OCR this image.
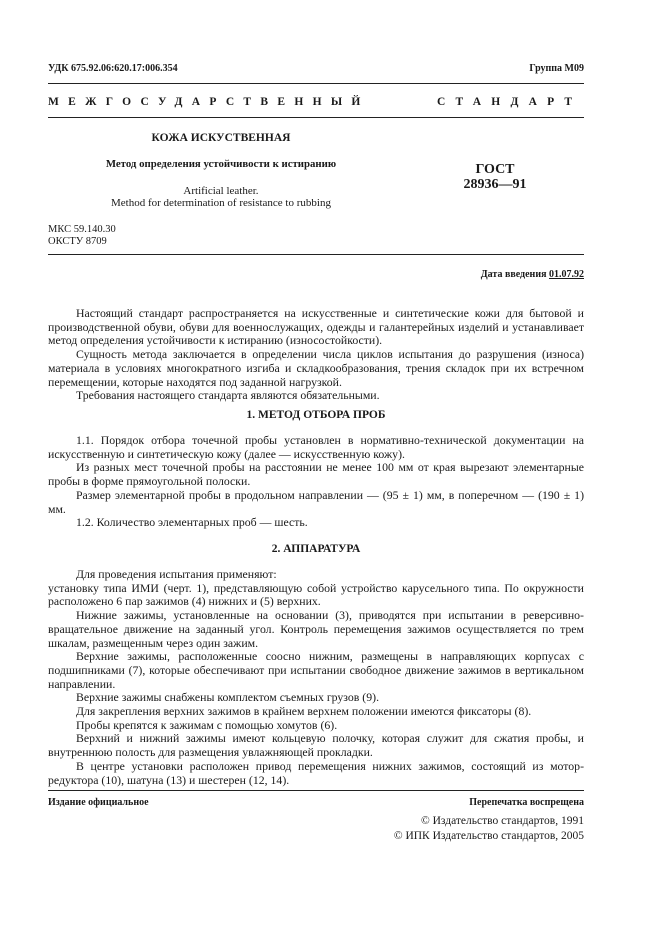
УДК 675.92.06:620.17:006.354	Группа М09
МЕЖГОСУДАРСТВЕННЫЙ	СТАНДАРТ
КОЖА ИСКУСТВЕННАЯ
Метод определения устойчивости к истиранию
Artificial leather.
Method for determination of resistance to rubbing
ГОСТ
28936—91
МКС 59.140.30
ОКСТУ 8709
Дата введения 01.07.92

Настоящий стандарт распространяется на искусственные и синтетические кожи для бытовой и производственной обуви, обуви для военнослужащих, одежды и галантерейных изделий и устанавливает метод определения устойчивости к истиранию (износостойкости).

Сущность метода заключается в определении числа циклов испытания до разрушения (износа) материала в условиях многократного изгиба и складкообразования, трения складок при их встречном перемещении, которые находятся под заданной нагрузкой.

Требования настоящего стандарта являются обязательными.

1. МЕТОД ОТБОРА ПРОБ

1.1. Порядок отбора точечной пробы установлен в нормативно-технической документации на искусственную и синтетическую кожу (далее — искусственную кожу).

Из разных мест точечной пробы на расстоянии не менее 100 мм от края вырезают элементарные пробы в форме прямоугольной полоски.

Размер элементарной пробы в продольном направлении — (95 ± 1) мм, в поперечном — (190 ± 1) мм.

1.2. Количество элементарных проб — шесть.

2. АППАРАТУРА

Для проведения испытания применяют:

установку типа ИМИ (черт. 1), представляющую собой устройство карусельного типа. По окружности расположено 6 пар зажимов (4) нижних и (5) верхних.

Нижние зажимы, установленные на основании (3), приводятся при испытании в реверсивно-вращательное движение на заданный угол. Контроль перемещения зажимов осуществляется по трем шкалам, размещенным через один зажим.

Верхние зажимы, расположенные соосно нижним, размещены в направляющих корпусах с подшипниками (7), которые обеспечивают при испытании свободное движение зажимов в вертикальном направлении.

Верхние зажимы снабжены комплектом съемных грузов (9).

Для закрепления верхних зажимов в крайнем верхнем положении имеются фиксаторы (8).

Пробы крепятся к зажимам с помощью хомутов (6).

Верхний и нижний зажимы имеют кольцевую полочку, которая служит для сжатия пробы, и внутреннюю полость для размещения увлажняющей прокладки.

В центре установки расположен привод перемещения нижних зажимов, состоящий из мотор-редуктора (10), шатуна (13) и шестерен (12, 14).

Издание официальное	Перепечатка воспрещена
© Издательство стандартов, 1991
© ИПК Издательство стандартов, 2005
